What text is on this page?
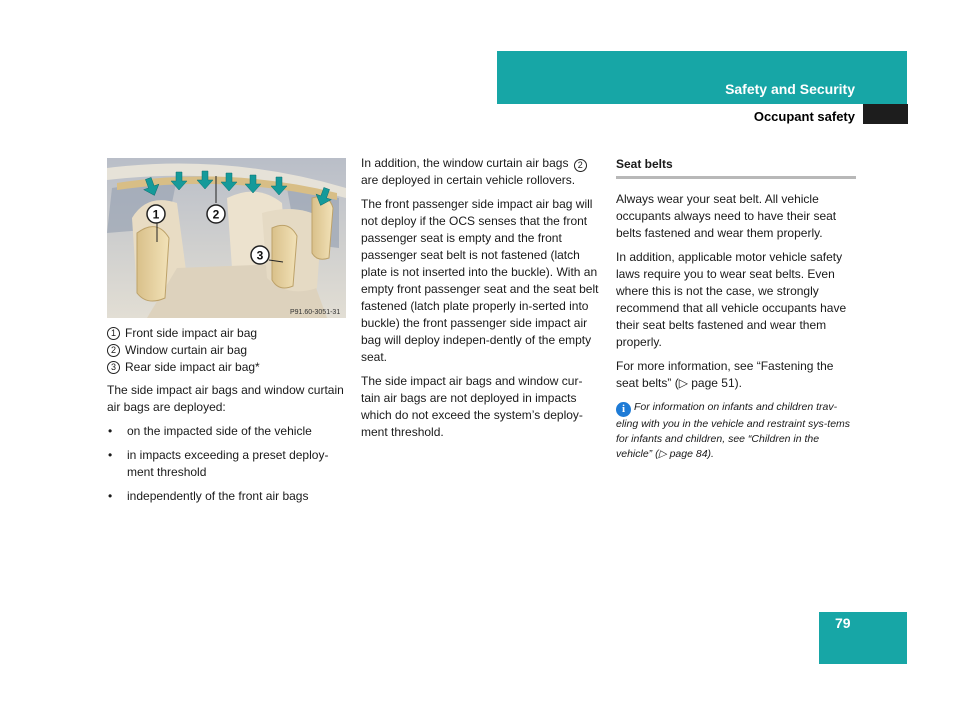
Safety and Security
Occupant safety
1	2
3
P91.60-3051-31
1 Front side impact air bag
2 Window curtain air bag
3 Rear side impact air bag*

The side impact air bags and window curtain air bags are deployed:

• on the impacted side of the vehicle
• in impacts exceeding a preset deploy-ment threshold
• independently of the front air bags

In addition, the window curtain air bags 2 are deployed in certain vehicle rollovers.

The front passenger side impact air bag will not deploy if the OCS senses that the front passenger seat is empty and the front passenger seat belt is not fastened (latch plate is not inserted into the buckle). With an empty front passenger seat and the seat belt fastened (latch plate properly in-serted into buckle) the front passenger side impact air bag will deploy indepen-dently of the empty seat.

The side impact air bags and window cur-tain air bags are not deployed in impacts which do not exceed the system’s deploy-ment threshold.

Seat belts

Always wear your seat belt. All vehicle occupants always need to have their seat belts fastened and wear them properly.

In addition, applicable motor vehicle safety laws require you to wear seat belts. Even where this is not the case, we strongly recommend that all vehicle occupants have their seat belts fastened and wear them properly.

For more information, see “Fastening the seat belts” (▷ page 51).

i For information on infants and children trav-eling with you in the vehicle and restraint sys-tems for infants and children, see “Children in the vehicle” (▷ page 84).
79
